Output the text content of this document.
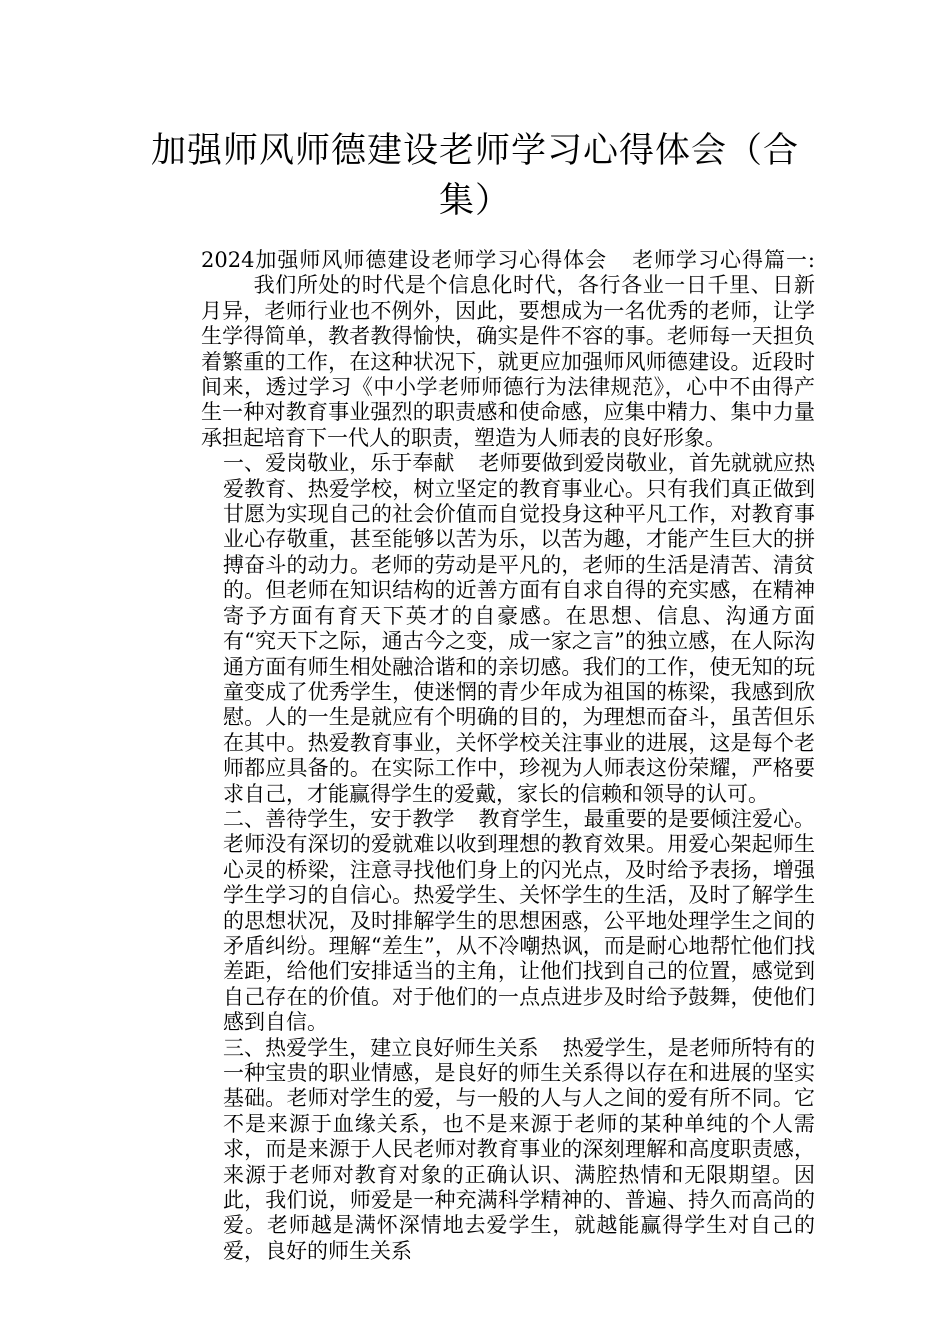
加强师风师德建设老师学习心得体会（合集）

2024加强师风师德建设老师学习心得体会 老师学习心得篇一:我们所处的时代是个信息化时代，各行各业一日千里、日新月异，老师行业也不例外，因此，要想成为一名优秀的老师，让学生学得简单，教者教得愉快，确实是件不容的事。老师每一天担负着繁重的工作，在这种状况下，就更应加强师风师德建设。近段时间来，透过学习《中小学老师师德行为法律规范》，心中不由得产生一种对教育事业强烈的职责感和使命感，应集中精力、集中力量承担起培育下一代人的职责，塑造为人师表的良好形象。

一、爱岗敬业，乐于奉献 老师要做到爱岗敬业，首先就就应热爱教育、热爱学校，树立坚定的教育事业心。只有我们真正做到甘愿为实现自己的社会价值而自觉投身这种平凡工作，对教育事业心存敬重，甚至能够以苦为乐，以苦为趣，才能产生巨大的拼搏奋斗的动力。老师的劳动是平凡的，老师的生活是清苦、清贫的。但老师在知识结构的近善方面有自求自得的充实感，在精神寄予方面有育天下英才的自豪感。在思想、信息、沟通方面有“究天下之际，通古今之变，成一家之言”的独立感，在人际沟通方面有师生相处融洽谐和的亲切感。我们的工作，使无知的玩童变成了优秀学生，使迷惘的青少年成为祖国的栋梁，我感到欣慰。人的一生是就应有个明确的目的，为理想而奋斗，虽苦但乐在其中。热爱教育事业，关怀学校关注事业的进展，这是每个老师都应具备的。在实际工作中，珍视为人师表这份荣耀，严格要求自己，才能赢得学生的爱戴，家长的信赖和领导的认可。

二、善待学生，安于教学 教育学生，最重要的是要倾注爱心。老师没有深切的爱就难以收到理想的教育效果。用爱心架起师生心灵的桥梁，注意寻找他们身上的闪光点，及时给予表扬，增强学生学习的自信心。热爱学生、关怀学生的生活，及时了解学生的思想状况，及时排解学生的思想困惑，公平地处理学生之间的矛盾纠纷。理解“差生”，从不冷嘲热讽，而是耐心地帮忙他们找差距，给他们安排适当的主角，让他们找到自己的位置，感觉到自己存在的价值。对于他们的一点点进步及时给予鼓舞，使他们感到自信。

三、热爱学生，建立良好师生关系 热爱学生，是老师所特有的一种宝贵的职业情感，是良好的师生关系得以存在和进展的坚实基础。老师对学生的爱，与一般的人与人之间的爱有所不同。它不是来源于血缘关系，也不是来源于老师的某种单纯的个人需求，而是来源于人民老师对教育事业的深刻理解和高度职责感，来源于老师对教育对象的正确认识、满腔热情和无限期望。因此，我们说，师爱是一种充满科学精神的、普遍、持久而高尚的爱。老师越是满怀深情地去爱学生，就越能赢得学生对自己的爱，良好的师生关系
